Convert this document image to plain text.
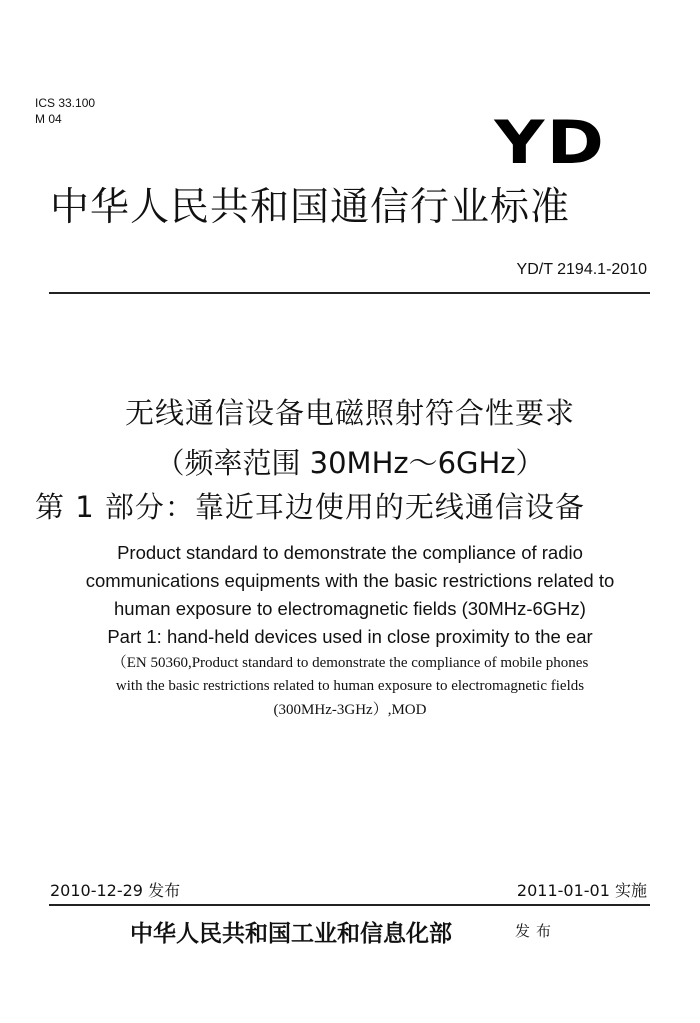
ICS 33.100
M 04	YD
中华人民共和国通信行业标准
YD/T 2194.1-2010
无线通信设备电磁照射符合性要求
（频率范围 30MHz～6GHz）
第 1 部分：靠近耳边使用的无线通信设备
Product standard to demonstrate the compliance of radio
communications equipments with the basic restrictions related to
human exposure to electromagnetic fields (30MHz-6GHz)
Part 1: hand-held devices used in close proximity to the ear
（EN 50360,Product standard to demonstrate the compliance of mobile phones
with the basic restrictions related to human exposure to electromagnetic fields
(300MHz-3GHz）,MOD
2010-12-29 发布	2011-01-01 实施
中华人民共和国工业和信息化部	发布
